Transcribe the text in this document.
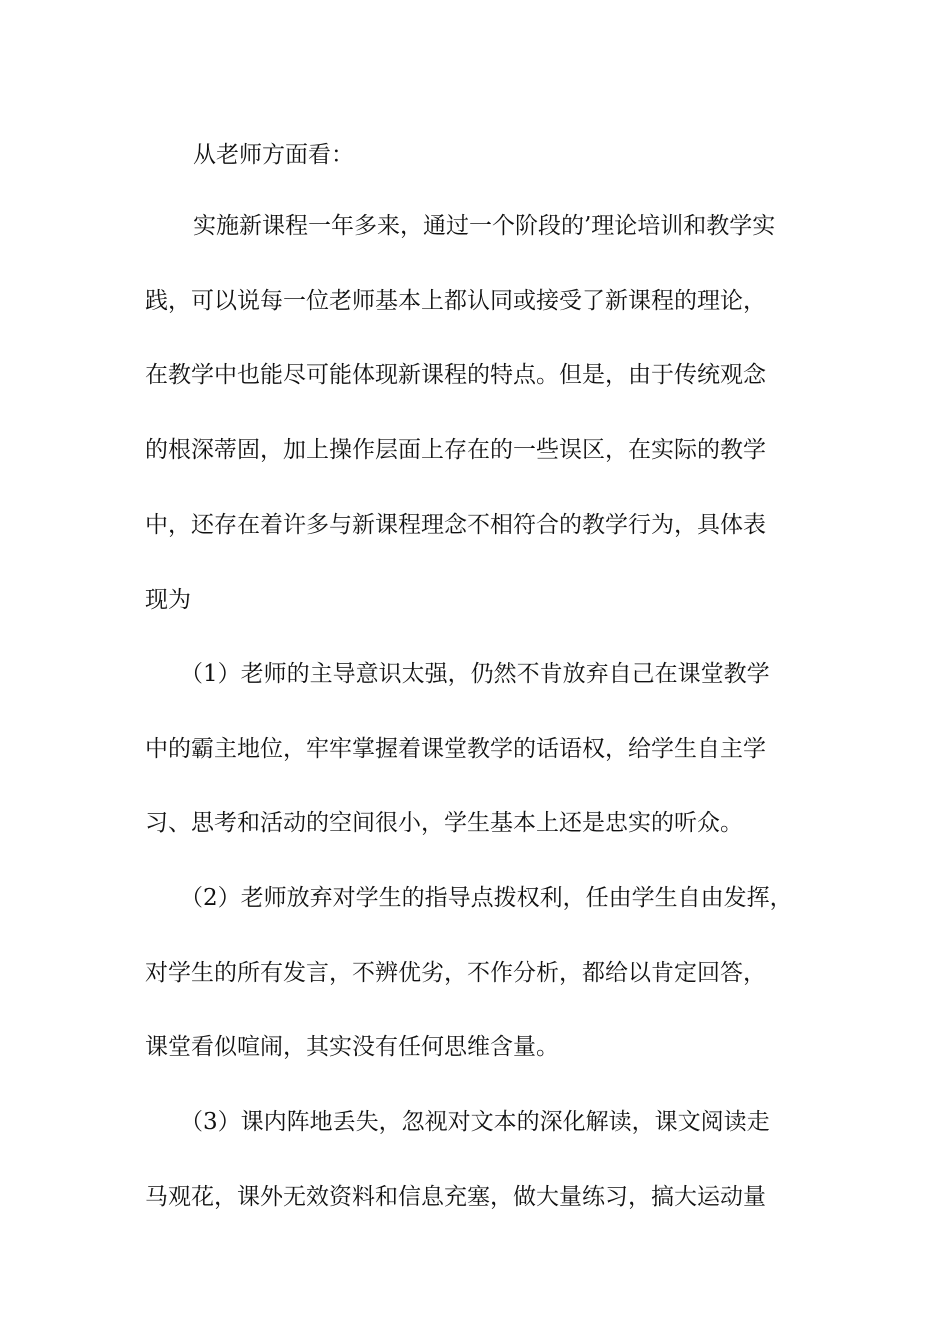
从老师方面看：
实施新课程一年多来，通过一个阶段的’理论培训和教学实
践，可以说每一位老师基本上都认同或接受了新课程的理论，
在教学中也能尽可能体现新课程的特点。但是，由于传统观念
的根深蒂固，加上操作层面上存在的一些误区，在实际的教学
中，还存在着许多与新课程理念不相符合的教学行为，具体表
现为
（1）老师的主导意识太强，仍然不肯放弃自己在课堂教学
中的霸主地位，牢牢掌握着课堂教学的话语权，给学生自主学
习、思考和活动的空间很小，学生基本上还是忠实的听众。
（2）老师放弃对学生的指导点拨权利，任由学生自由发挥，
对学生的所有发言，不辨优劣，不作分析，都给以肯定回答，
课堂看似喧闹，其实没有任何思维含量。
（3）课内阵地丢失，忽视对文本的深化解读，课文阅读走
马观花，课外无效资料和信息充塞，做大量练习，搞大运动量
